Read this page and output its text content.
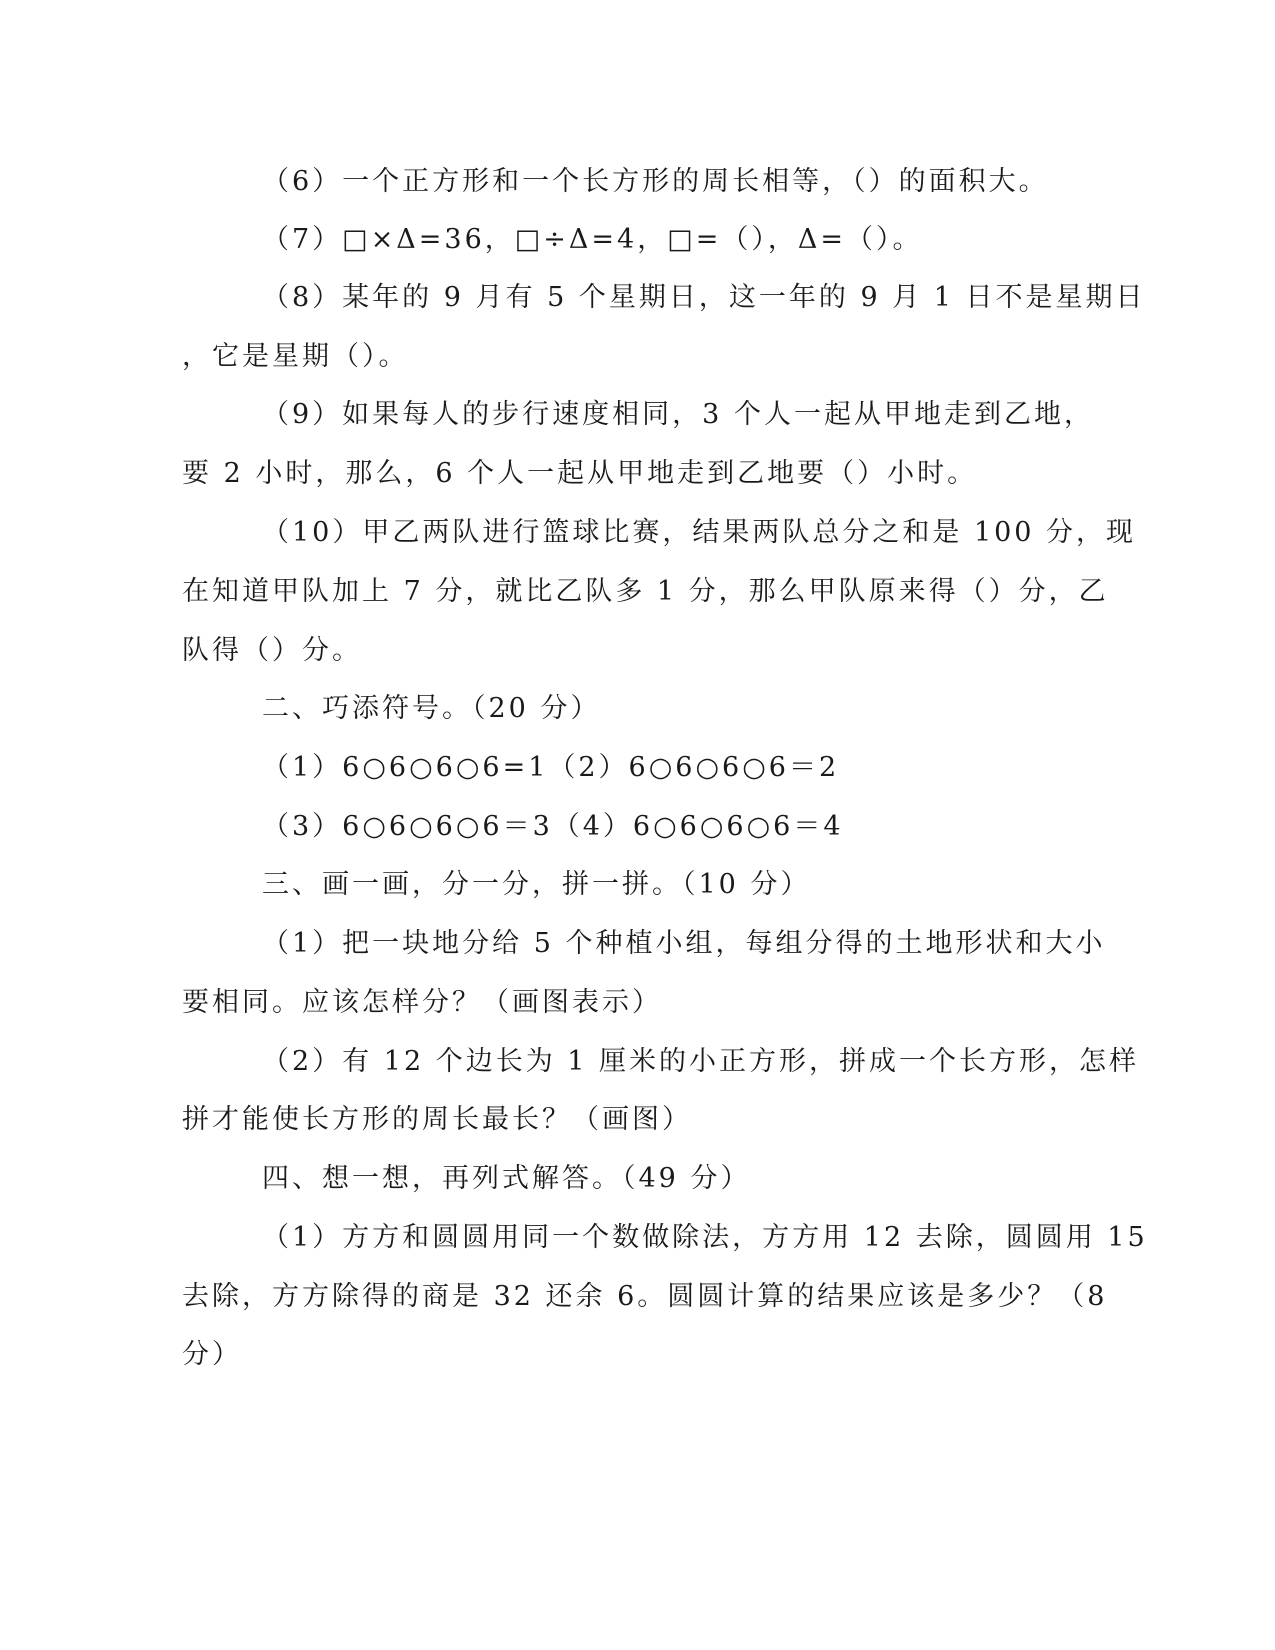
（6）一个正方形和一个长方形的周长相等，（）的面积大。
（7）□×Δ=36，□÷Δ=4，□=（），Δ=（）。
（8）某年的 9 月有 5 个星期日，这一年的 9 月 1 日不是星期日
，它是星期（）。
（9）如果每人的步行速度相同，3 个人一起从甲地走到乙地，
要 2 小时，那么，6 个人一起从甲地走到乙地要（）小时。
（10）甲乙两队进行篮球比赛，结果两队总分之和是 100 分，现
在知道甲队加上 7 分，就比乙队多 1 分，那么甲队原来得（）分，乙
队得（）分。
二、巧添符号。（20 分）
（1）6○6○6○6=1（2）6○6○6○6＝2
（3）6○6○6○6＝3（4）6○6○6○6＝4
三、画一画，分一分，拼一拼。（10 分）
（1）把一块地分给 5 个种植小组，每组分得的土地形状和大小
要相同。应该怎样分？（画图表示）
（2）有 12 个边长为 1 厘米的小正方形，拼成一个长方形，怎样
拼才能使长方形的周长最长？（画图）
四、想一想，再列式解答。（49 分）
（1）方方和圆圆用同一个数做除法，方方用 12 去除，圆圆用 15
去除，方方除得的商是 32 还余 6。圆圆计算的结果应该是多少？（8
分）
